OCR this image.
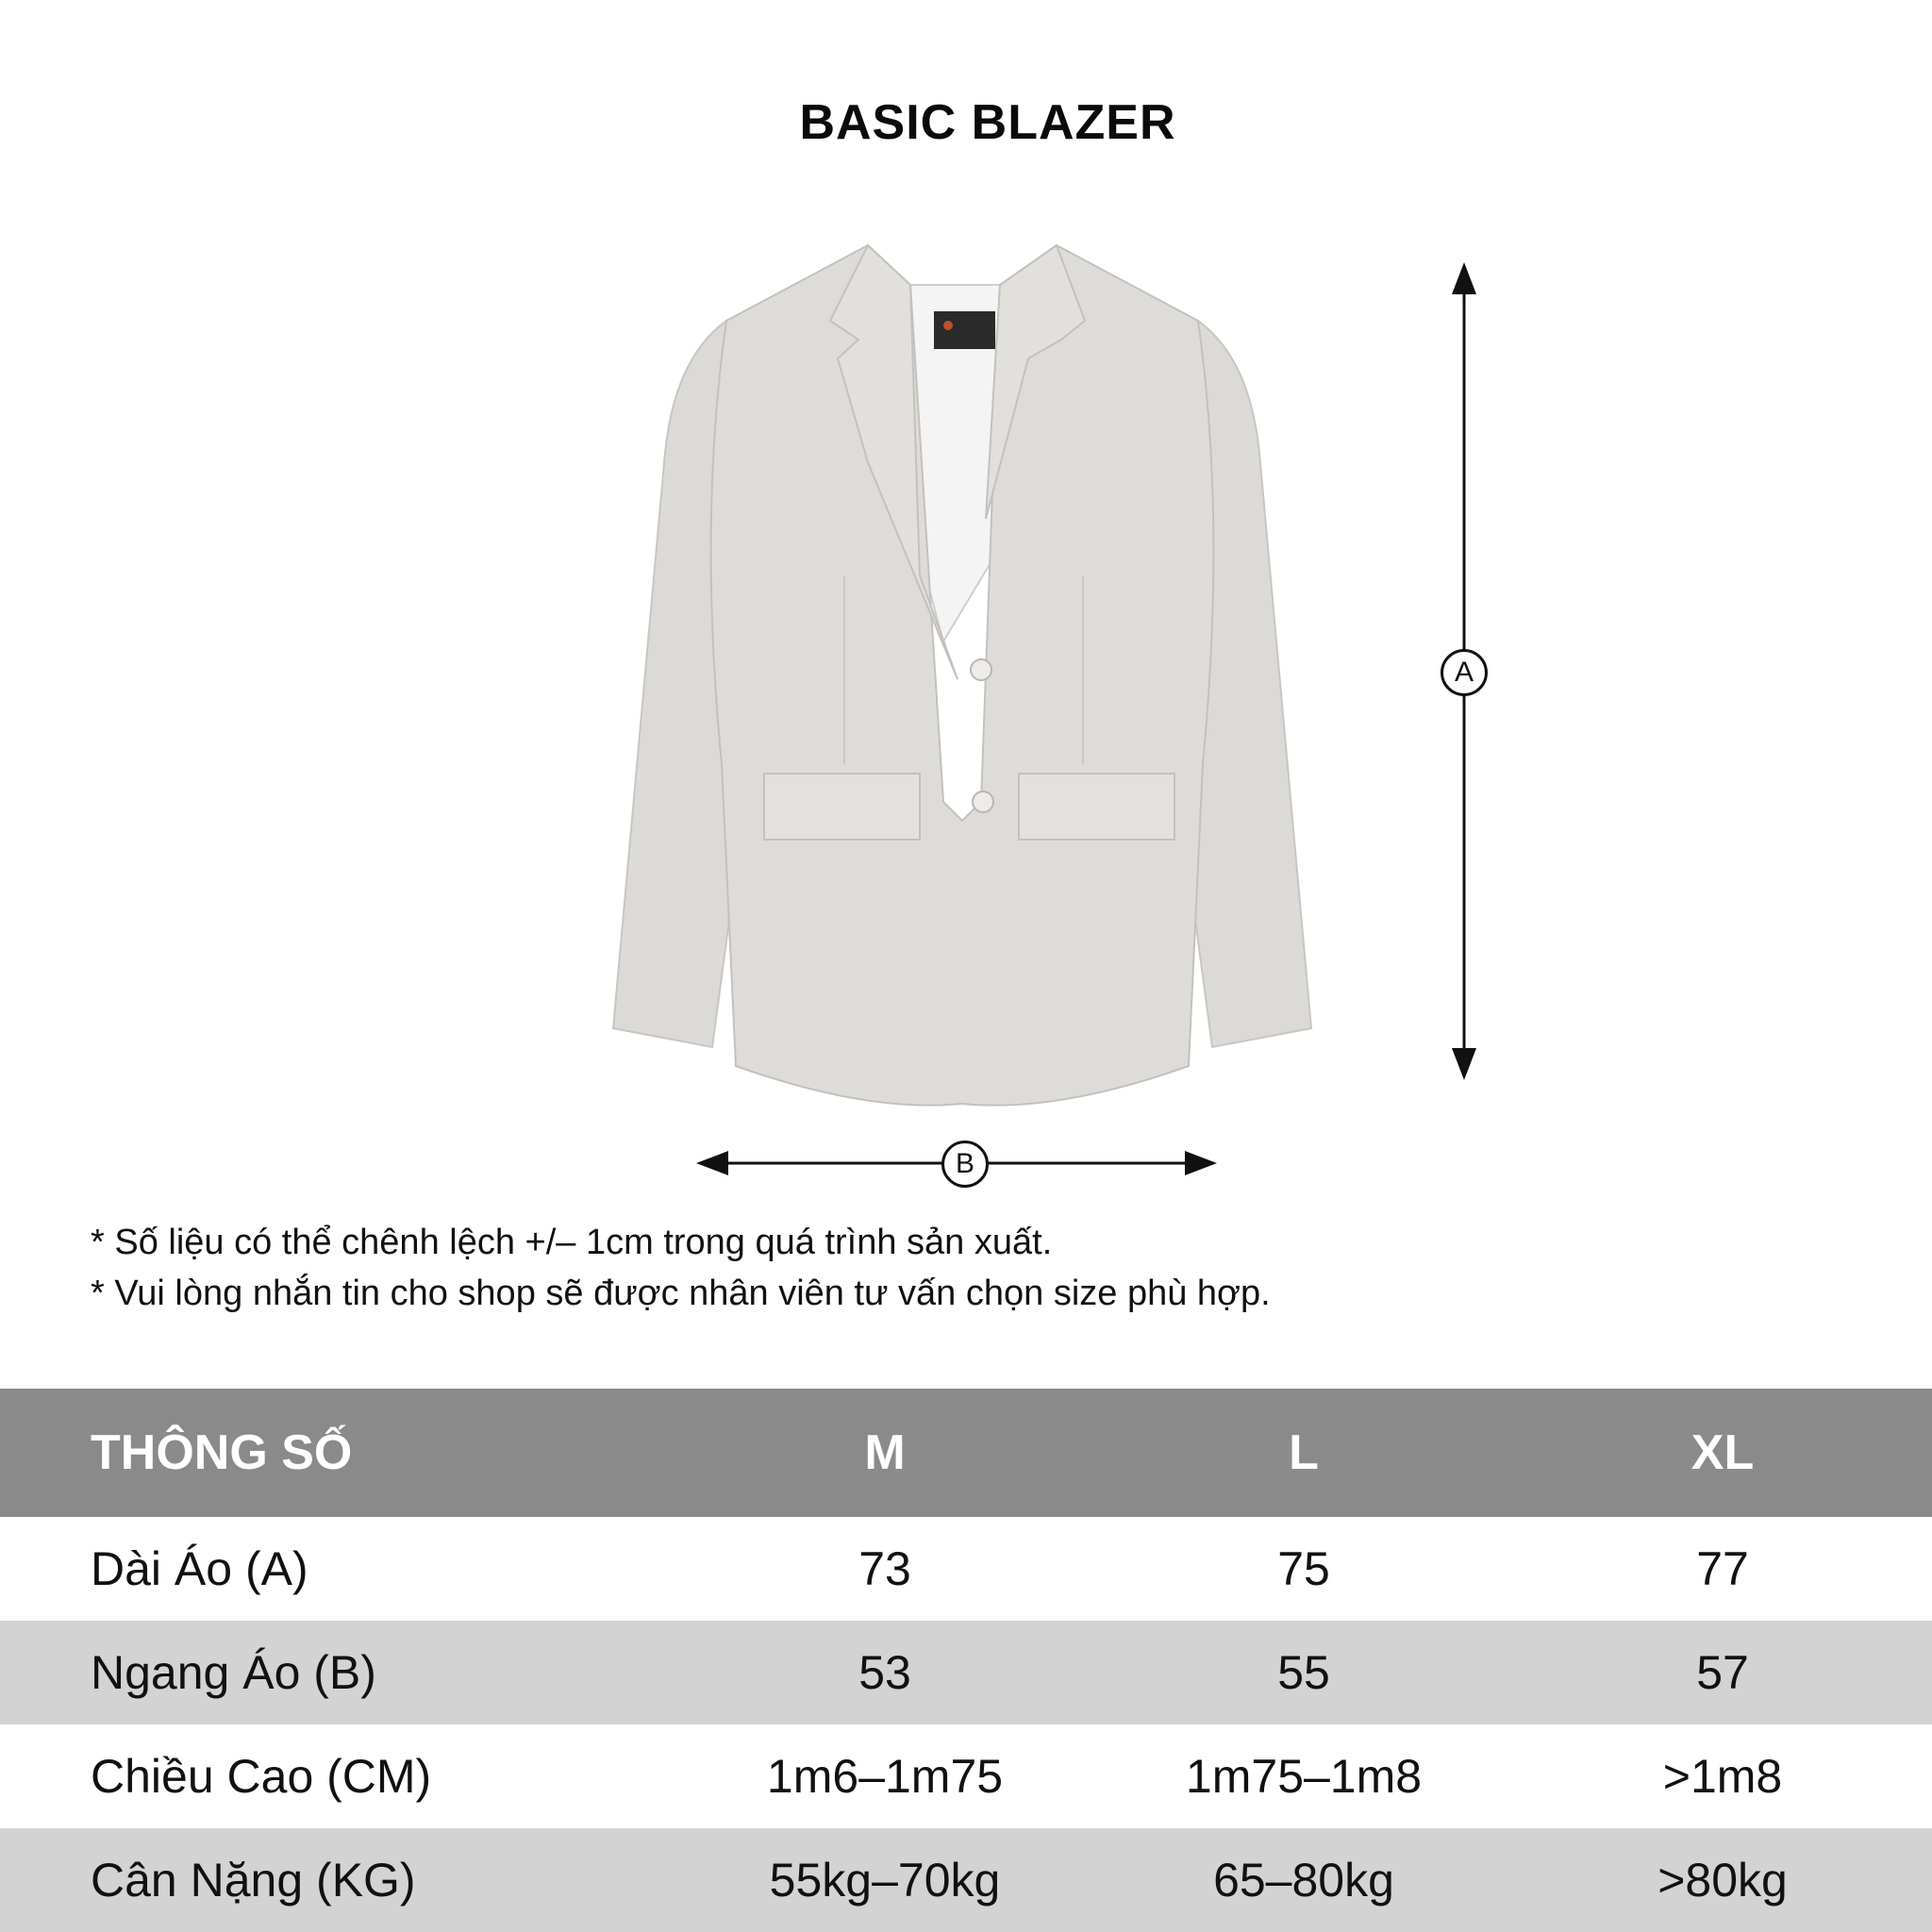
BASIC BLAZER
A
B
* Số liệu có thể chênh lệch +/– 1cm trong quá trình sản xuất.
* Vui lòng nhắn tin cho shop sẽ được nhân viên tư vấn chọn size phù hợp.
THÔNG SỐ	M	L	XL
Dài Áo (A)	73	75	77
Ngang Áo (B)	53	55	57
Chiều Cao (CM)	1m6–1m75	1m75–1m8	>1m8
Cân Nặng (KG)	55kg–70kg	65–80kg	>80kg
